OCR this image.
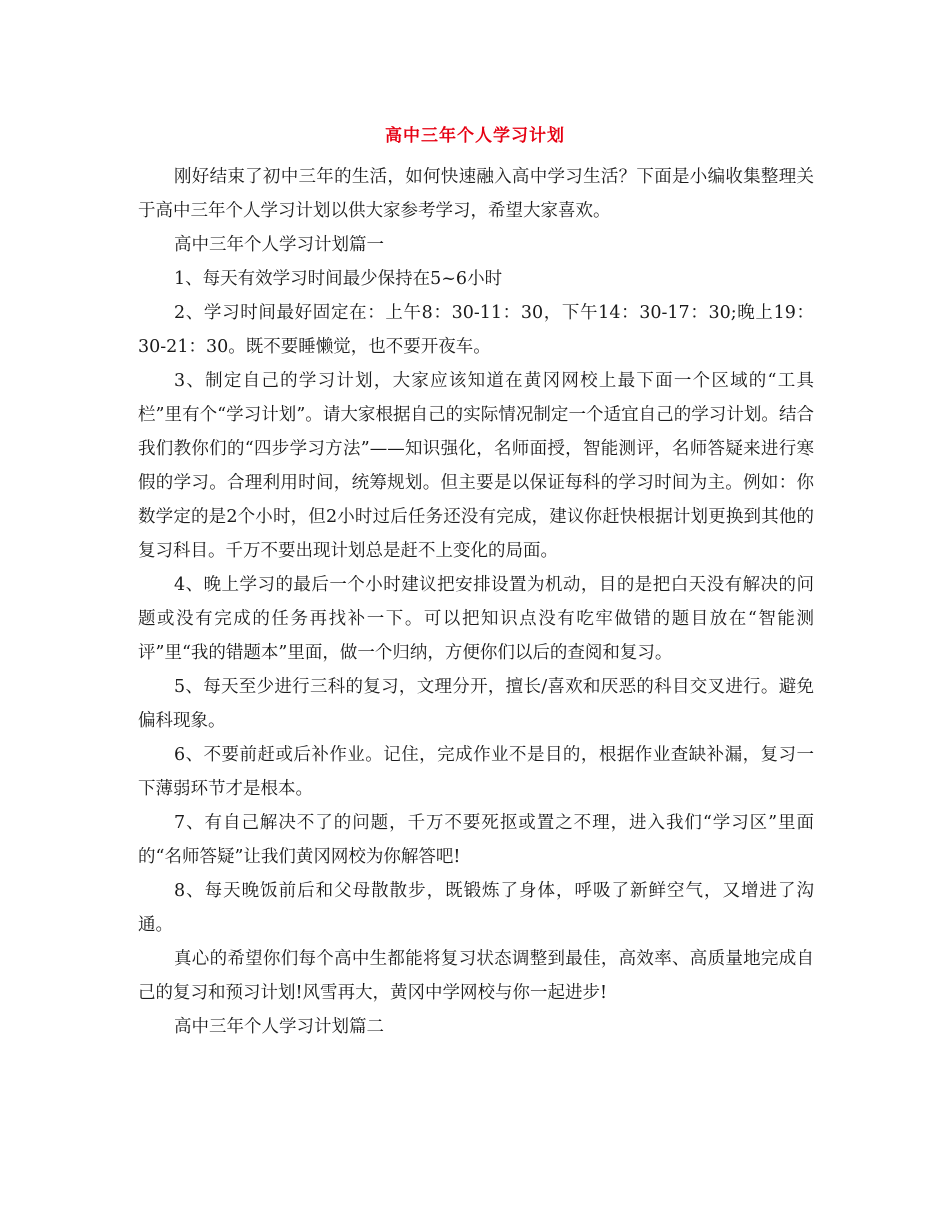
高中三年个人学习计划

刚好结束了初中三年的生活，如何快速融入高中学习生活？下面是小编收集整理关于高中三年个人学习计划以供大家参考学习，希望大家喜欢。

高中三年个人学习计划篇一

1、每天有效学习时间最少保持在5~6小时

2、学习时间最好固定在：上午8：30-11：30，下午14：30-17：30;晚上19：30-21：30。既不要睡懒觉，也不要开夜车。

3、制定自己的学习计划，大家应该知道在黄冈网校上最下面一个区域的“工具栏”里有个“学习计划”。请大家根据自己的实际情况制定一个适宜自己的学习计划。结合我们教你们的“四步学习方法”——知识强化，名师面授，智能测评，名师答疑来进行寒假的学习。合理利用时间，统筹规划。但主要是以保证每科的学习时间为主。例如：你数学定的是2个小时，但2小时过后任务还没有完成，建议你赶快根据计划更换到其他的复习科目。千万不要出现计划总是赶不上变化的局面。

4、晚上学习的最后一个小时建议把安排设置为机动，目的是把白天没有解决的问题或没有完成的任务再找补一下。可以把知识点没有吃牢做错的题目放在“智能测评”里“我的错题本”里面，做一个归纳，方便你们以后的查阅和复习。

5、每天至少进行三科的复习，文理分开，擅长/喜欢和厌恶的科目交叉进行。避免偏科现象。

6、不要前赶或后补作业。记住，完成作业不是目的，根据作业查缺补漏，复习一下薄弱环节才是根本。

7、有自己解决不了的问题，千万不要死抠或置之不理，进入我们“学习区”里面的“名师答疑”让我们黄冈网校为你解答吧!

8、每天晚饭前后和父母散散步，既锻炼了身体，呼吸了新鲜空气，又增进了沟通。

真心的希望你们每个高中生都能将复习状态调整到最佳，高效率、高质量地完成自己的复习和预习计划!风雪再大，黄冈中学网校与你一起进步!

高中三年个人学习计划篇二
